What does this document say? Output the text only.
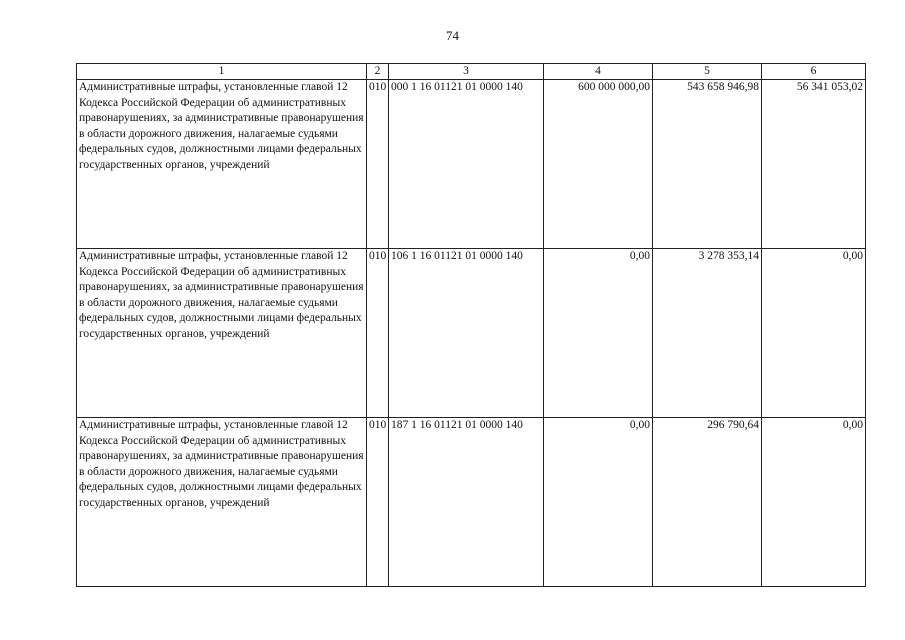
74
1	2	3	4	5	6
Административные штрафы, установленные главой 12 Кодекса Российской Федерации об административных правонарушениях, за административные правонарушения в области дорожного движения, налагаемые судьями федеральных судов, должностными лицами федеральных государственных органов, учреждений	010	000 1 16 01121 01 0000 140	600 000 000,00	543 658 946,98	56 341 053,02
Административные штрафы, установленные главой 12 Кодекса Российской Федерации об административных правонарушениях, за административные правонарушения в области дорожного движения, налагаемые судьями федеральных судов, должностными лицами федеральных государственных органов, учреждений	010	106 1 16 01121 01 0000 140	0,00	3 278 353,14	0,00
Административные штрафы, установленные главой 12 Кодекса Российской Федерации об административных правонарушениях, за административные правонарушения в области дорожного движения, налагаемые судьями федеральных судов, должностными лицами федеральных государственных органов, учреждений	010	187 1 16 01121 01 0000 140	0,00	296 790,64	0,00
